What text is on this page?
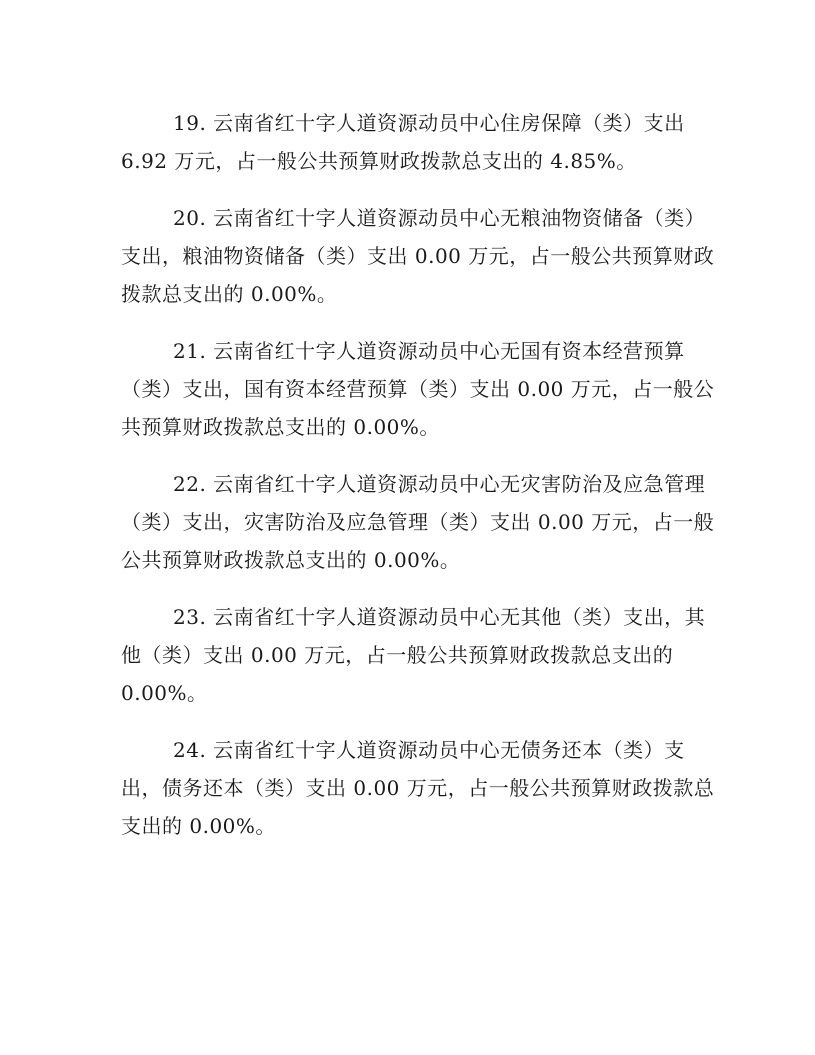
19. 云南省红十字人道资源动员中心住房保障（类）支出
6.92 万元，占一般公共预算财政拨款总支出的 4.85%。
20. 云南省红十字人道资源动员中心无粮油物资储备（类）
支出，粮油物资储备（类）支出 0.00 万元，占一般公共预算财政
拨款总支出的 0.00%。
21. 云南省红十字人道资源动员中心无国有资本经营预算
（类）支出，国有资本经营预算（类）支出 0.00 万元，占一般公
共预算财政拨款总支出的 0.00%。
22. 云南省红十字人道资源动员中心无灾害防治及应急管理
（类）支出，灾害防治及应急管理（类）支出 0.00 万元，占一般
公共预算财政拨款总支出的 0.00%。
23. 云南省红十字人道资源动员中心无其他（类）支出，其
他（类）支出 0.00 万元，占一般公共预算财政拨款总支出的
0.00%。
24. 云南省红十字人道资源动员中心无债务还本（类）支
出，债务还本（类）支出 0.00 万元，占一般公共预算财政拨款总
支出的 0.00%。
